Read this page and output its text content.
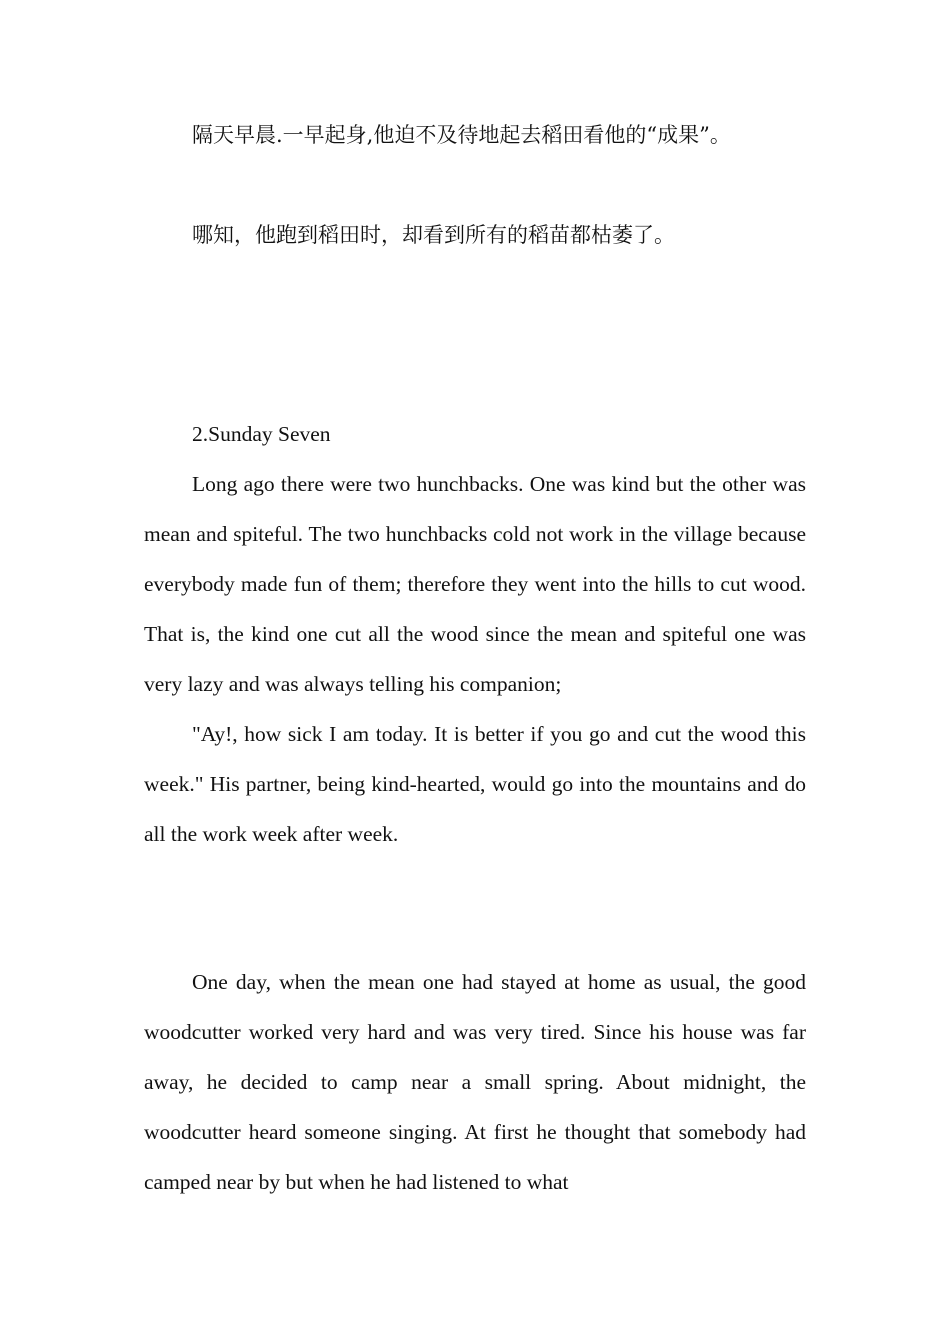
隔天早晨.一早起身,他迫不及待地起去稻田看他的“成果”。
哪知，他跑到稻田时，却看到所有的稻苗都枯萎了。

2.Sunday Seven

Long ago there were two hunchbacks. One was kind but the other was mean and spiteful. The two hunchbacks cold not work in the village because everybody made fun of them; therefore they went into the hills to cut wood. That is, the kind one cut all the wood since the mean and spiteful one was very lazy and was always telling his companion;

"Ay!, how sick I am today. It is better if you go and cut the wood this week." His partner, being kind-hearted, would go into the mountains and do all the work week after week.

One day, when the mean one had stayed at home as usual, the good woodcutter worked very hard and was very tired. Since his house was far away, he decided to camp near a small spring. About midnight, the woodcutter heard someone singing. At first he thought that somebody had camped near by but when he had listened to what
